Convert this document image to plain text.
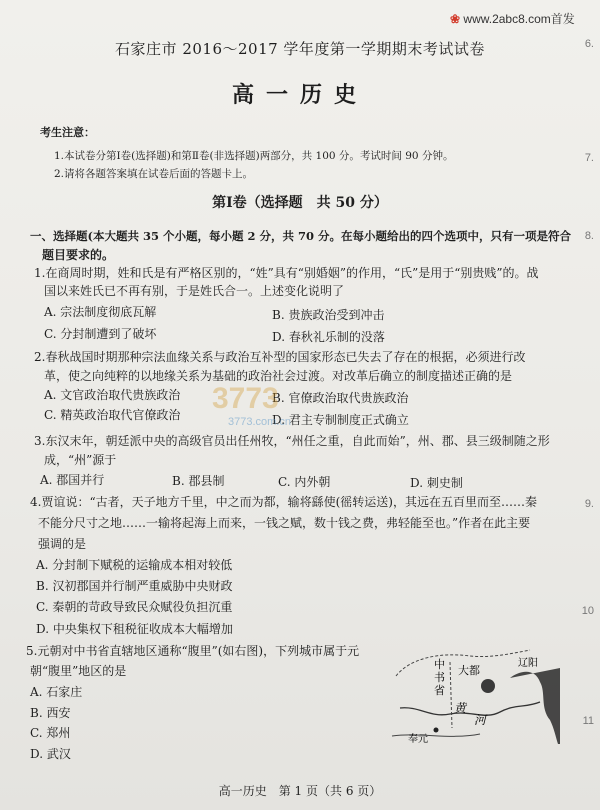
❀ www.2abc8.com首发
6.
7.
8.
9.
10
11
石家庄市 2016～2017 学年度第一学期期末考试试卷
高一历史
考生注意：
1.本试卷分第Ⅰ卷(选择题)和第Ⅱ卷(非选择题)两部分，共 100 分。考试时间 90 分钟。
2.请将各题答案填在试卷后面的答题卡上。
第Ⅰ卷（选择题　共 50 分）
一、选择题(本大题共 35 个小题，每小题 2 分，共 70 分。在每小题给出的四个选项中，只有一项是符合
题目要求的。
1.在商周时期，姓和氏是有严格区别的，“姓”具有“别婚姻”的作用，“氏”是用于“别贵贱”的。战
国以来姓氏已不再有别，于是姓氏合一。上述变化说明了
A. 宗法制度彻底瓦解	B. 贵族政治受到冲击
C. 分封制遭到了破坏	D. 春秋礼乐制的没落
2.春秋战国时期那种宗法血缘关系与政治互补型的国家形态已失去了存在的根据，必须进行改
革，使之向纯粹的以地缘关系为基础的政治社会过渡。对改革后确立的制度描述正确的是
A. 文官政治取代贵族政治	B. 官僚政治取代贵族政治
C. 精英政治取代官僚政治	D. 君主专制制度正式确立
3773
3773.com.cn
3.东汉末年，朝廷派中央的高级官员出任州牧，“州任之重，自此而始”，州、郡、县三级制随之形
成，“州”源于
A. 郡国并行	B. 郡县制	C. 内外朝	D. 刺史制
4.贾谊说：“古者，天子地方千里，中之而为都，输将繇使(徭转运送)，其远在五百里而至……秦
不能分尺寸之地……一输将起海上而来，一钱之赋，数十钱之费，弗轻能至也。”作者在此主要
强调的是
A. 分封制下赋税的运输成本相对较低
B. 汉初郡国并行制严重威胁中央财政
C. 秦朝的苛政导致民众赋役负担沉重
D. 中央集权下租税征收成本大幅增加
5.元朝对中书省直辖地区通称“腹里”(如右图)，下列城市属于元
朝“腹里”地区的是
A. 石家庄
B. 西安
C. 郑州
D. 武汉
中
书
省
大都
辽阳
黄
河
奉元
高一历史　第 1 页（共 6 页）
